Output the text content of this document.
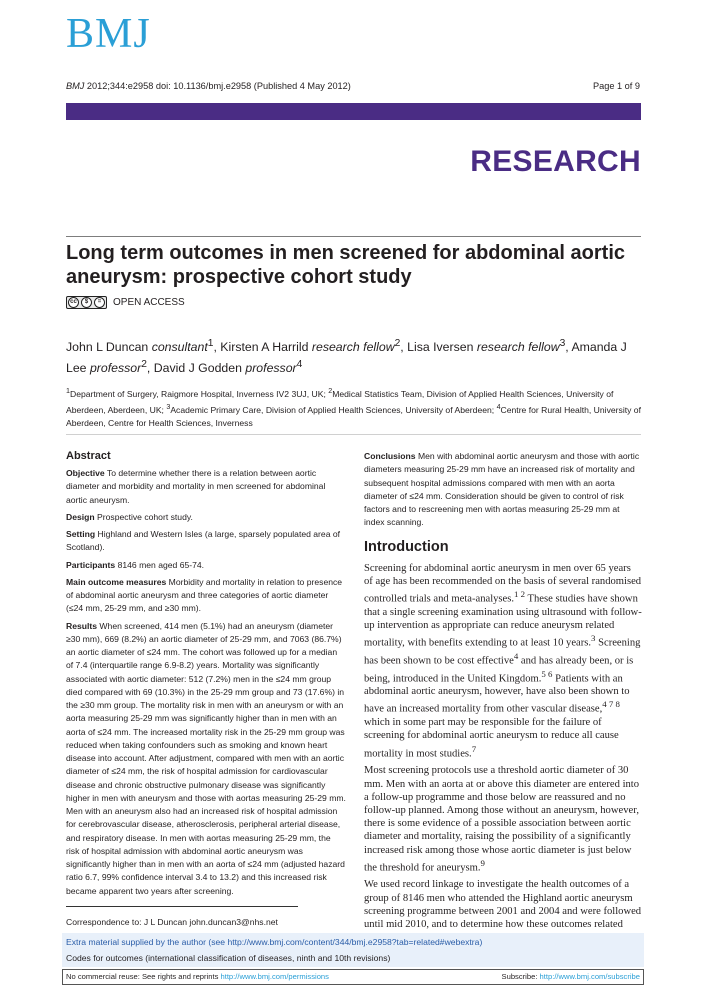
BMJ
BMJ 2012;344:e2958 doi: 10.1136/bmj.e2958 (Published 4 May 2012)	Page 1 of 9
RESEARCH
Long term outcomes in men screened for abdominal aortic aneurysm: prospective cohort study
cc	$	=	OPEN ACCESS
John L Duncan consultant$^1$, Kirsten A Harrild research fellow$^2$, Lisa Iversen research fellow$^3$, Amanda J Lee professor$^2$, David J Godden professor$^4$
$^1$Department of Surgery, Raigmore Hospital, Inverness IV2 3UJ, UK; $^2$Medical Statistics Team, Division of Applied Health Sciences, University of Aberdeen, Aberdeen, UK; $^3$Academic Primary Care, Division of Applied Health Sciences, University of Aberdeen; $^4$Centre for Rural Health, University of Aberdeen, Centre for Health Sciences, Inverness
Abstract

Objective To determine whether there is a relation between aortic diameter and morbidity and mortality in men screened for abdominal aortic aneurysm.

Design Prospective cohort study.

Setting Highland and Western Isles (a large, sparsely populated area of Scotland).

Participants 8146 men aged 65-74.

Main outcome measures Morbidity and mortality in relation to presence of abdominal aortic aneurysm and three categories of aortic diameter (≤24 mm, 25-29 mm, and ≥30 mm).

Results When screened, 414 men (5.1%) had an aneurysm (diameter ≥30 mm), 669 (8.2%) an aortic diameter of 25-29 mm, and 7063 (86.7%) an aortic diameter of ≤24 mm. The cohort was followed up for a median of 7.4 (interquartile range 6.9-8.2) years. Mortality was significantly associated with aortic diameter: 512 (7.2%) men in the ≤24 mm group died compared with 69 (10.3%) in the 25-29 mm group and 73 (17.6%) in the ≥30 mm group. The mortality risk in men with an aneurysm or with an aorta measuring 25-29 mm was significantly higher than in men with an aorta of ≤24 mm. The increased mortality risk in the 25-29 mm group was reduced when taking confounders such as smoking and known heart disease into account. After adjustment, compared with men with an aortic diameter of ≤24 mm, the risk of hospital admission for cardiovascular disease and chronic obstructive pulmonary disease was significantly higher in men with aneurysm and those with aortas measuring 25-29 mm. Men with an aneurysm also had an increased risk of hospital admission for cerebrovascular disease, atherosclerosis, peripheral arterial disease, and respiratory disease. In men with aortas measuring 25-29 mm, the risk of hospital admission with abdominal aortic aneurysm was significantly higher than in men with an aorta of ≤24 mm (adjusted hazard ratio 6.7, 99% confidence interval 3.4 to 13.2) and this increased risk became apparent two years after screening.

Conclusions Men with abdominal aortic aneurysm and those with aortic diameters measuring 25-29 mm have an increased risk of mortality and subsequent hospital admissions compared with men with an aorta diameter of ≤24 mm. Consideration should be given to control of risk factors and to rescreening men with aortas measuring 25-29 mm at index scanning.

Introduction

Screening for abdominal aortic aneurysm in men over 65 years of age has been recommended on the basis of several randomised controlled trials and meta-analyses.$^{1 2}$ These studies have shown that a single screening examination using ultrasound with follow-up intervention as appropriate can reduce aneurysm related mortality, with benefits extending to at least 10 years.$^3$ Screening has been shown to be cost effective$^4$ and has already been, or is being, introduced in the United Kingdom.$^{5 6}$ Patients with an abdominal aortic aneurysm, however, have also been shown to have an increased mortality from other vascular disease,$^{4 7 8}$ which in some part may be responsible for the failure of screening for abdominal aortic aneurysm to reduce all cause mortality in most studies.$^7$

Most screening protocols use a threshold aortic diameter of 30 mm. Men with an aorta at or above this diameter are entered into a follow-up programme and those below are reassured and no follow-up planned. Among those without an aneurysm, however, there is some evidence of a possible association between aortic diameter and mortality, raising the possibility of a significantly increased risk among those whose aortic diameter is just below the threshold for aneurysm.$^9$

We used record linkage to investigate the health outcomes of a group of 8146 men who attended the Highland aortic aneurysm screening programme between 2001 and 2004 and were followed until mid 2010, and to determine how these outcomes related

Correspondence to: J L Duncan john.duncan3@nhs.net
Extra material supplied by the author (see http://www.bmj.com/content/344/bmj.e2958?tab=related#webextra)
Codes for outcomes (international classification of diseases, ninth and 10th revisions)
No commercial reuse: See rights and reprints http://www.bmj.com/permissions	Subscribe: http://www.bmj.com/subscribe
